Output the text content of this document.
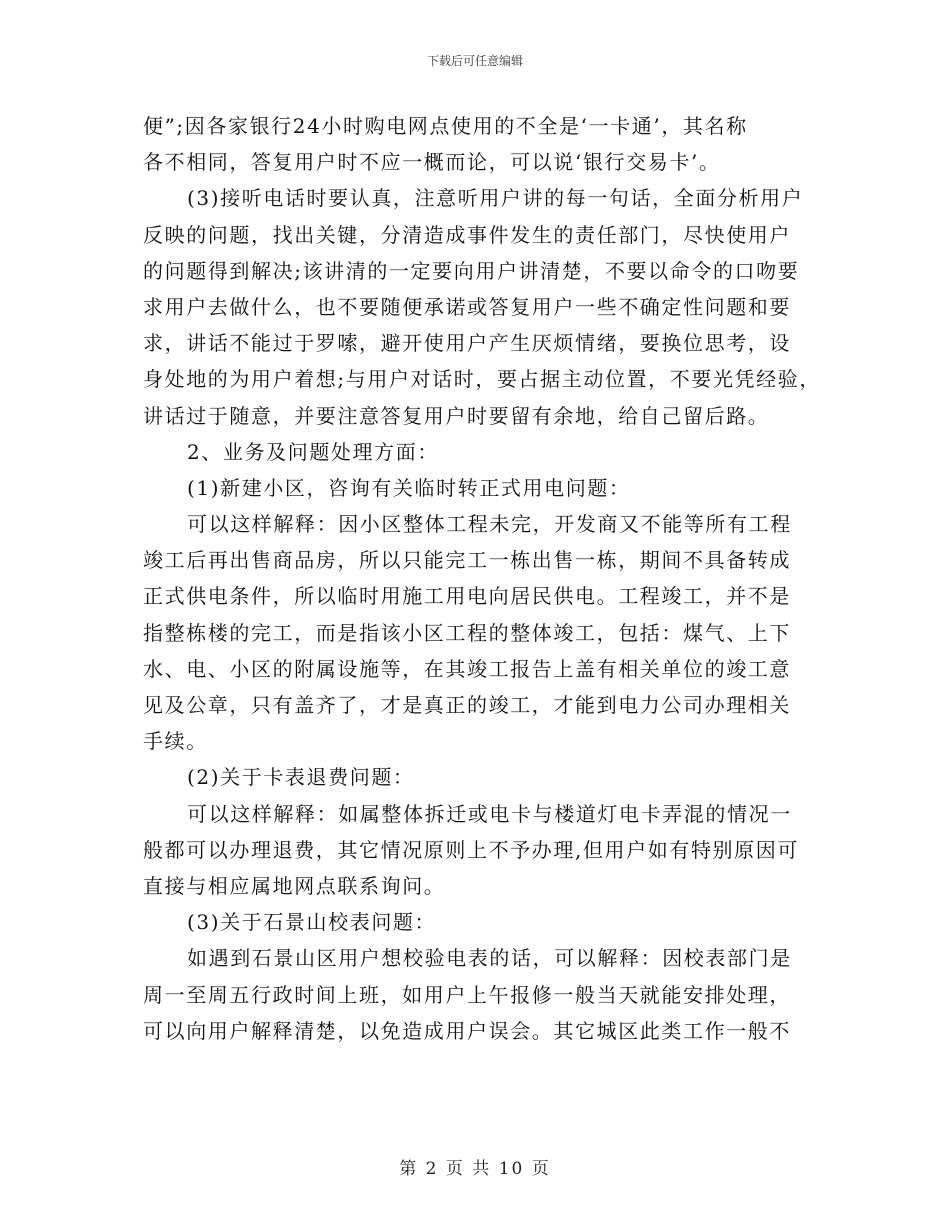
下载后可任意编辑
便”;因各家银行24小时购电网点使用的不全是‘一卡通’，其名称
各不相同，答复用户时不应一概而论，可以说‘银行交易卡’。
(3)接听电话时要认真，注意听用户讲的每一句话，全面分析用户
反映的问题，找出关键，分清造成事件发生的责任部门，尽快使用户
的问题得到解决;该讲清的一定要向用户讲清楚，不要以命令的口吻要
求用户去做什么，也不要随便承诺或答复用户一些不确定性问题和要
求，讲话不能过于罗嗦，避开使用户产生厌烦情绪，要换位思考，设
身处地的为用户着想;与用户对话时，要占据主动位置，不要光凭经验，
讲话过于随意，并要注意答复用户时要留有余地，给自己留后路。
2、业务及问题处理方面：
(1)新建小区，咨询有关临时转正式用电问题：
可以这样解释：因小区整体工程未完，开发商又不能等所有工程
竣工后再出售商品房，所以只能完工一栋出售一栋，期间不具备转成
正式供电条件，所以临时用施工用电向居民供电。工程竣工，并不是
指整栋楼的完工，而是指该小区工程的整体竣工，包括：煤气、上下
水、电、小区的附属设施等，在其竣工报告上盖有相关单位的竣工意
见及公章，只有盖齐了，才是真正的竣工，才能到电力公司办理相关
手续。
(2)关于卡表退费问题：
可以这样解释：如属整体拆迁或电卡与楼道灯电卡弄混的情况一
般都可以办理退费，其它情况原则上不予办理,但用户如有特别原因可
直接与相应属地网点联系询问。
(3)关于石景山校表问题：
如遇到石景山区用户想校验电表的话，可以解释：因校表部门是
周一至周五行政时间上班，如用户上午报修一般当天就能安排处理，
可以向用户解释清楚，以免造成用户误会。其它城区此类工作一般不
第 2 页 共 10 页
